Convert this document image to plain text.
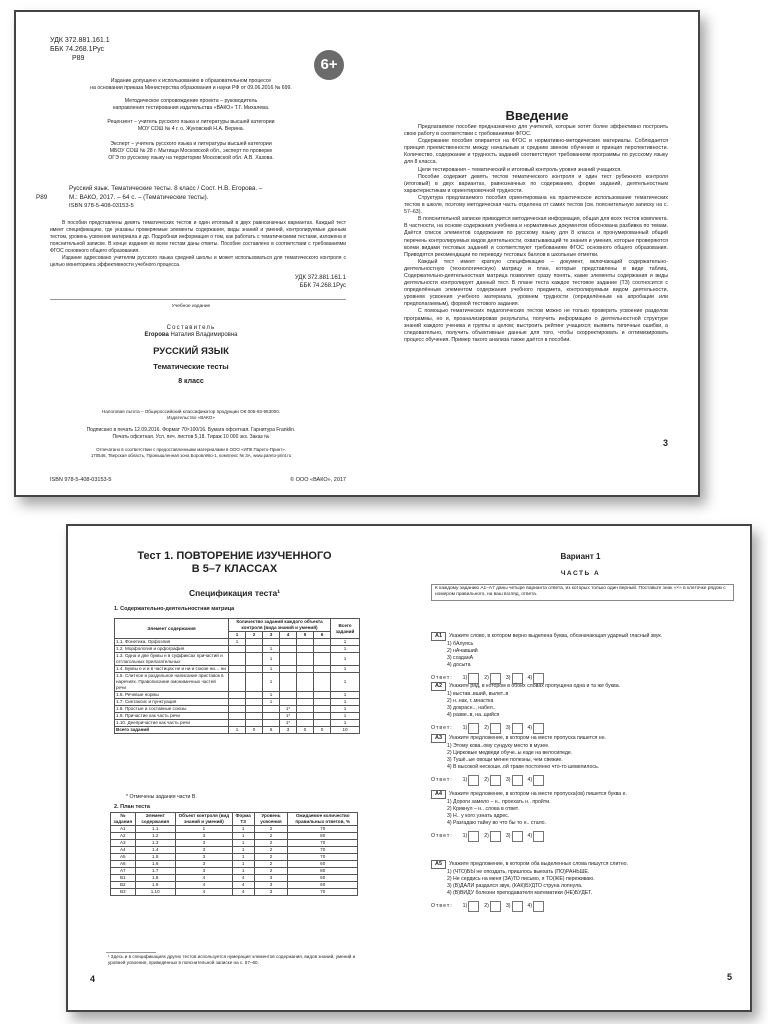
УДК 372.881.161.1
ББК 74.268.1Рус
Р89	6+
Издание допущено к использованию в образовательном процессе
на основании приказа Министерства образования и науки РФ от 09.06.2016 № 699.
Методическое сопровождение проекта – руководитель
направления тестирования издательства «ВАКО» Т.Г. Михалева.
Рецензент – учитель русского языка и литературы высшей категории
МОУ СОШ № 4 г. о. Жуковский Н.А. Верина.
Эксперт – учитель русского языка и литературы высшей категории
МБОУ СОШ № 28 г. Мытищи Московской обл., эксперт по проверке
ОГЭ по русскому языку на территории Московской обл. А.В. Хазова.
Русский язык. Тематические тесты. 8 класс / Сост. Н.В. Егорова. –
М.: ВАКО, 2017. – 64 с. – (Тематические тесты).
Р89
ISBN 978-5-408-03153-5
В пособии представлены девять тематических тестов и один итоговый в двух равнозначных вариантах. Каждый тест имеет спецификацию, где указаны проверяемые элементы содержания, виды знаний и умений, контролируемые данным тестом, уровень усвоения материала и др. Подробная информация о том, как работать с тематическими тестами, изложена в пояснительной записке. В конце издания ко всем тестам даны ответы. Пособие составлено в соответствии с требованиями ФГОС основного общего образования.
Издание адресовано учителям русского языка средней школы и может использоваться для тематического контроля с целью мониторинга эффективности учебного процесса.
УДК 372.881.161.1
ББК 74.268.1Рус
Учебное издание
Составитель
Егорова Наталия Владимировна
РУССКИЙ ЯЗЫК
Тематические тесты
8 класс
Налоговая льгота – Общероссийский классификатор продукции ОК 005-93-953000.
Издательство «ВАКО»
Подписано в печать 12.09.2016. Формат 70×100/16. Бумага офсетная. Гарнитура Franklin.
Печать офсетная. Усл. печ. листов 5,18. Тираж 10 000 экз. Заказ №
Отпечатано в соответствии с предоставленными материалами в ООО «ИПК Парето-Принт».
170546, Тверская область, Промышленная зона Боровлёво-1, комплекс № 3А, www.pareto-print.ru
ISBN 978-5-408-03153-5	© ООО «ВАКО», 2017
Введение

Предлагаемое пособие предназначено для учителей, которые хотят более эффективно построить свою работу в соответствии с требованиями ФГОС.

Содержание пособия опирается на ФГОС и нормативно-методические материалы. Соблюдается принцип преемственности между начальным и средним звеном обучения и принцип перспективности. Количество, содержание и трудность заданий соответствуют требованиям программы по русскому языку для 8 класса.

Цели тестирования – тематический и итоговый контроль уровня знаний учащихся.

Пособие содержит девять тестов тематического контроля и один тест рубежного контроля (итоговый) в двух вариантах, равнозначных по содержанию, форме заданий, деятельностным характеристикам и ориентировочной трудности.

Структура предлагаемого пособия ориентирована на практическое использование тематических тестов в школе, поэтому методическая часть отделена от самих тестов (см. пояснительную записку на с. 57–63).

В пояснительной записке приводится методическая информация, общая для всех тестов комплекта. В частности, на основе содержания учебника и нормативных документов обоснована разбивка по темам. Даётся список элементов содержания по русскому языку для 8 класса и пронумерованный общий перечень контролируемых видов деятельности, охватывающий те знания и умения, которые проверяются всеми видами тестовых заданий и соответствуют требованиям ФГОС основного общего образования. Приводятся рекомендации по переводу тестовых баллов в школьные отметки.

Каждый тест имеет краткую спецификацию – документ, включающий содержательно-деятельностную (технологическую) матрицу и план, которые представлены в виде таблиц. Содержательно-деятельностная матрица позволяет сразу понять, какие элементы содержания и виды деятельности контролирует данный тест. В плане теста каждое тестовое задание (ТЗ) соотносится с определённым элементом содержания учебного предмета, контролируемым видом деятельности, уровнем усвоения учебного материала, уровнем трудности (определённым на апробации или предполагаемым), формой тестового задания.

С помощью тематических педагогических тестов можно не только проверить усвоение разделов программы, но и, проанализировав результаты, получить информацию о деятельностной структуре знаний каждого ученика и группы в целом; выстроить рейтинг учащихся; выявить типичные ошибки, а следовательно, получить объективные данные для того, чтобы скорректировать и оптимизировать процесс обучения. Пример такого анализа также даётся в пособии.

3
Тест 1. ПОВТОРЕНИЕ ИЗУЧЕННОГО
В 5–7 КЛАССАХ
Спецификация теста¹
1. Содержательно-деятельностная матрица
Элемент содержания	Количество заданий каждого объекта контроля (вида знаний и умений)						Всего заданий
	1	2	3	4	5	6	
1.1. Фонетика. Орфоэпия	1						1
1.2. Морфология и орфография			1				1
1.3. Одна и две буквы н в суффиксах причастий и отглагольных прилагательных			1				1
1.4. Буквы е и и в частицах не и ни и союзе ни… ни			1				1
1.5. Слитное и раздельное написание приставок в наречиях. Правописание омонимичных частей речи			1				1
1.6. Речевые нормы			1				1
1.7. Синтаксис и пунктуация			1				1
1.8. Простые и составные союзы				1*			1
1.9. Причастие как часть речи				1*			1
1.10. Деепричастие как часть речи				1*			1
Всего заданий	1	0	6	3	0	0	10
* Отмечены задания части В.
2. План теста
№ задания	Элемент содержания	Объект контроля (вид знаний и умений)	Форма ТЗ	Уровень усвоения	Ожидаемое количество правильных ответов, %
А1	1.1	1	1	2	70
А2	1.2	3	1	2	80
А3	1.3	3	1	2	70
А4	1.4	3	1	2	70
А5	1.5	3	1	2	70
А6	1.6	3	1	2	60
А7	1.7	3	1	2	80
В1	1.8	4	4	3	60
В2	1.9	4	4	3	60
В3	1.10	4	4	3	70
¹ Здесь и в спецификациях других тестов используется нумерация элементов содержания, видов знаний, умений и уровней усвоения, приведённых в пояснительной записке на с. 57–60.
4
Вариант 1
ЧАСТЬ А
К каждому заданию А1–А7 даны четыре варианта ответа, из которых только один верный. Поставьте знак «×» в клеточке рядом с номером правильного, на ваш взгляд, ответа.
А1 Укажите слово, в котором верно выделена буква, обозначающая ударный гласный звук.
1) бАлуясь
2) нАчавший
3) созданА
4) досыта
Ответ: 1)	2)	3)	4)
А2 Укажите ряд, в котором в обоих словах пропущена одна и та же буква.
1) выстав..вший, вылет..в
2) н..нак, г..мнастка
3) докрасн.., набел..
4) разве..в, на..щийся
Ответ: 1)	2)	3)	4)
А3 Укажите предложение, в котором на месте пропуска пишется нн.
1) Этому кова..ому сундуку место в музее.
2) Цирковые медведи обуче..ы езде на велосипеде.
3) Тушё..ые овощи менее полезны, чем свежие.
4) В высокой нескоше..ой траве постоянно что-то шевелилось.
Ответ: 1)	2)	3)	4)
А4 Укажите предложение, в котором на месте пропуска(ов) пишется буква е.
1) Дороги замело – н.. проехать н.. пройти.
2) Крикнул – н.. слова в ответ.
3) Н.. у кого узнать адрес.
4) Разгадаю тайну во что бы то н.. стало.
Ответ: 1)	2)	3)	4)
А5 Укажите предложение, в котором оба выделенных слова пишутся слитно.
1) (ЧТО)БЫ не опоздать, пришлось выехать (ПО)РАНЬШЕ.
2) Не сердись на меня (ЗА)ТО письмо, я ТО(ЖЕ) переживаю.
3) (В)ДАЛИ раздался звук, (КАК)БУДТО струна лопнула.
4) (В)ВИДУ болезни преподавателя математики (НЕ)БУДЕТ.
Ответ: 1)	2)	3)	4)
5
